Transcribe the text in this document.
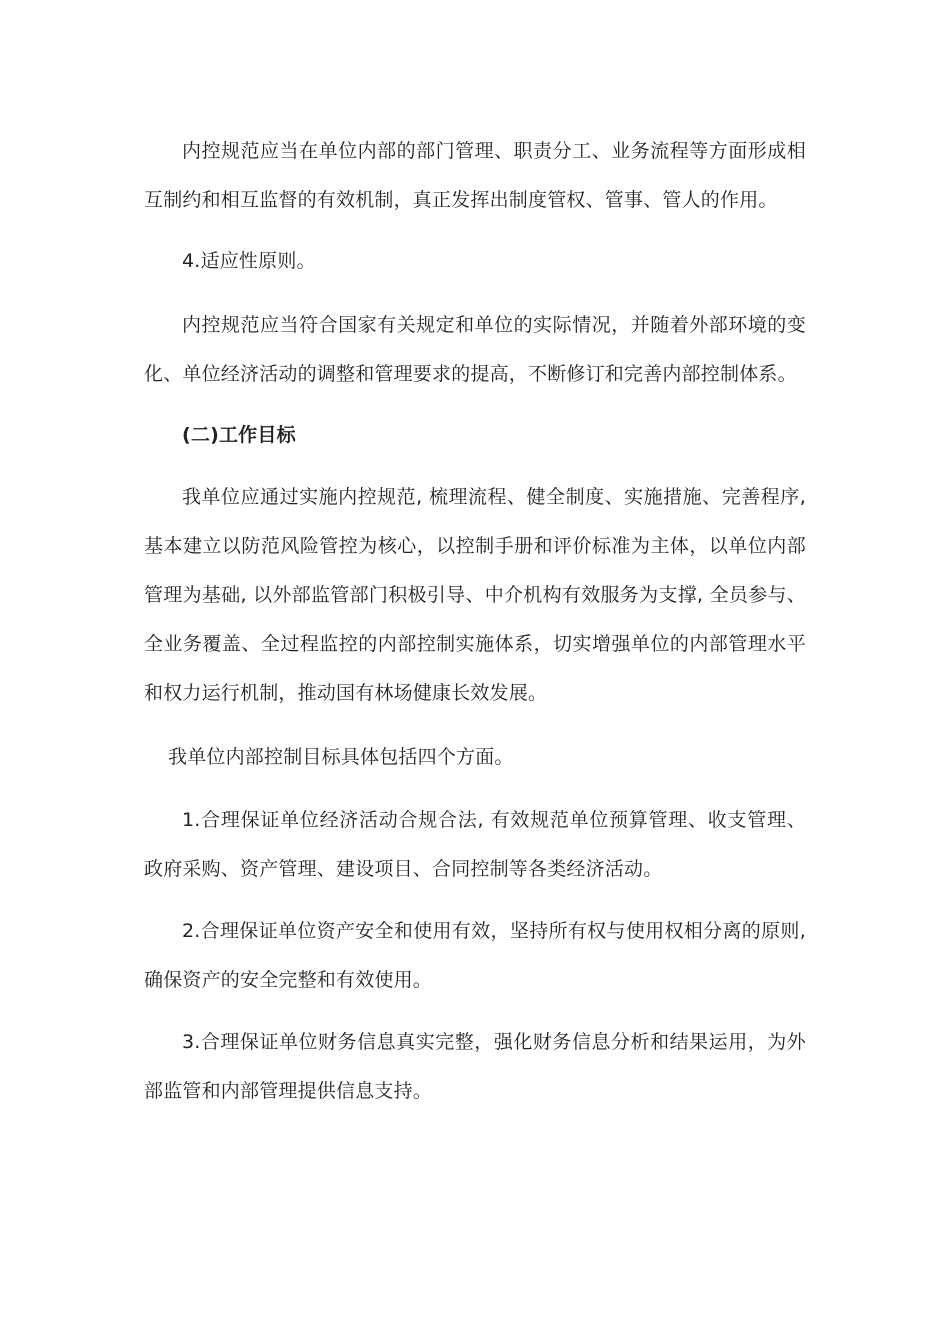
内控规范应当在单位内部的部门管理、职责分工、业务流程等方面形成相互制约和相互监督的有效机制，真正发挥出制度管权、管事、管人的作用。

4.适应性原则。

内控规范应当符合国家有关规定和单位的实际情况，并随着外部环境的变化、单位经济活动的调整和管理要求的提高，不断修订和完善内部控制体系。

(二)工作目标

我单位应通过实施内控规范, 梳理流程、健全制度、实施措施、完善程序, 基本建立以防范风险管控为核心，以控制手册和评价标准为主体，以单位内部管理为基础, 以外部监管部门积极引导、中介机构有效服务为支撑, 全员参与、全业务覆盖、全过程监控的内部控制实施体系，切实增强单位的内部管理水平和权力运行机制，推动国有林场健康长效发展。

我单位内部控制目标具体包括四个方面。

1.合理保证单位经济活动合规合法, 有效规范单位预算管理、收支管理、政府采购、资产管理、建设项目、合同控制等各类经济活动。

2.合理保证单位资产安全和使用有效，坚持所有权与使用权相分离的原则, 确保资产的安全完整和有效使用。

3.合理保证单位财务信息真实完整，强化财务信息分析和结果运用，为外部监管和内部管理提供信息支持。
